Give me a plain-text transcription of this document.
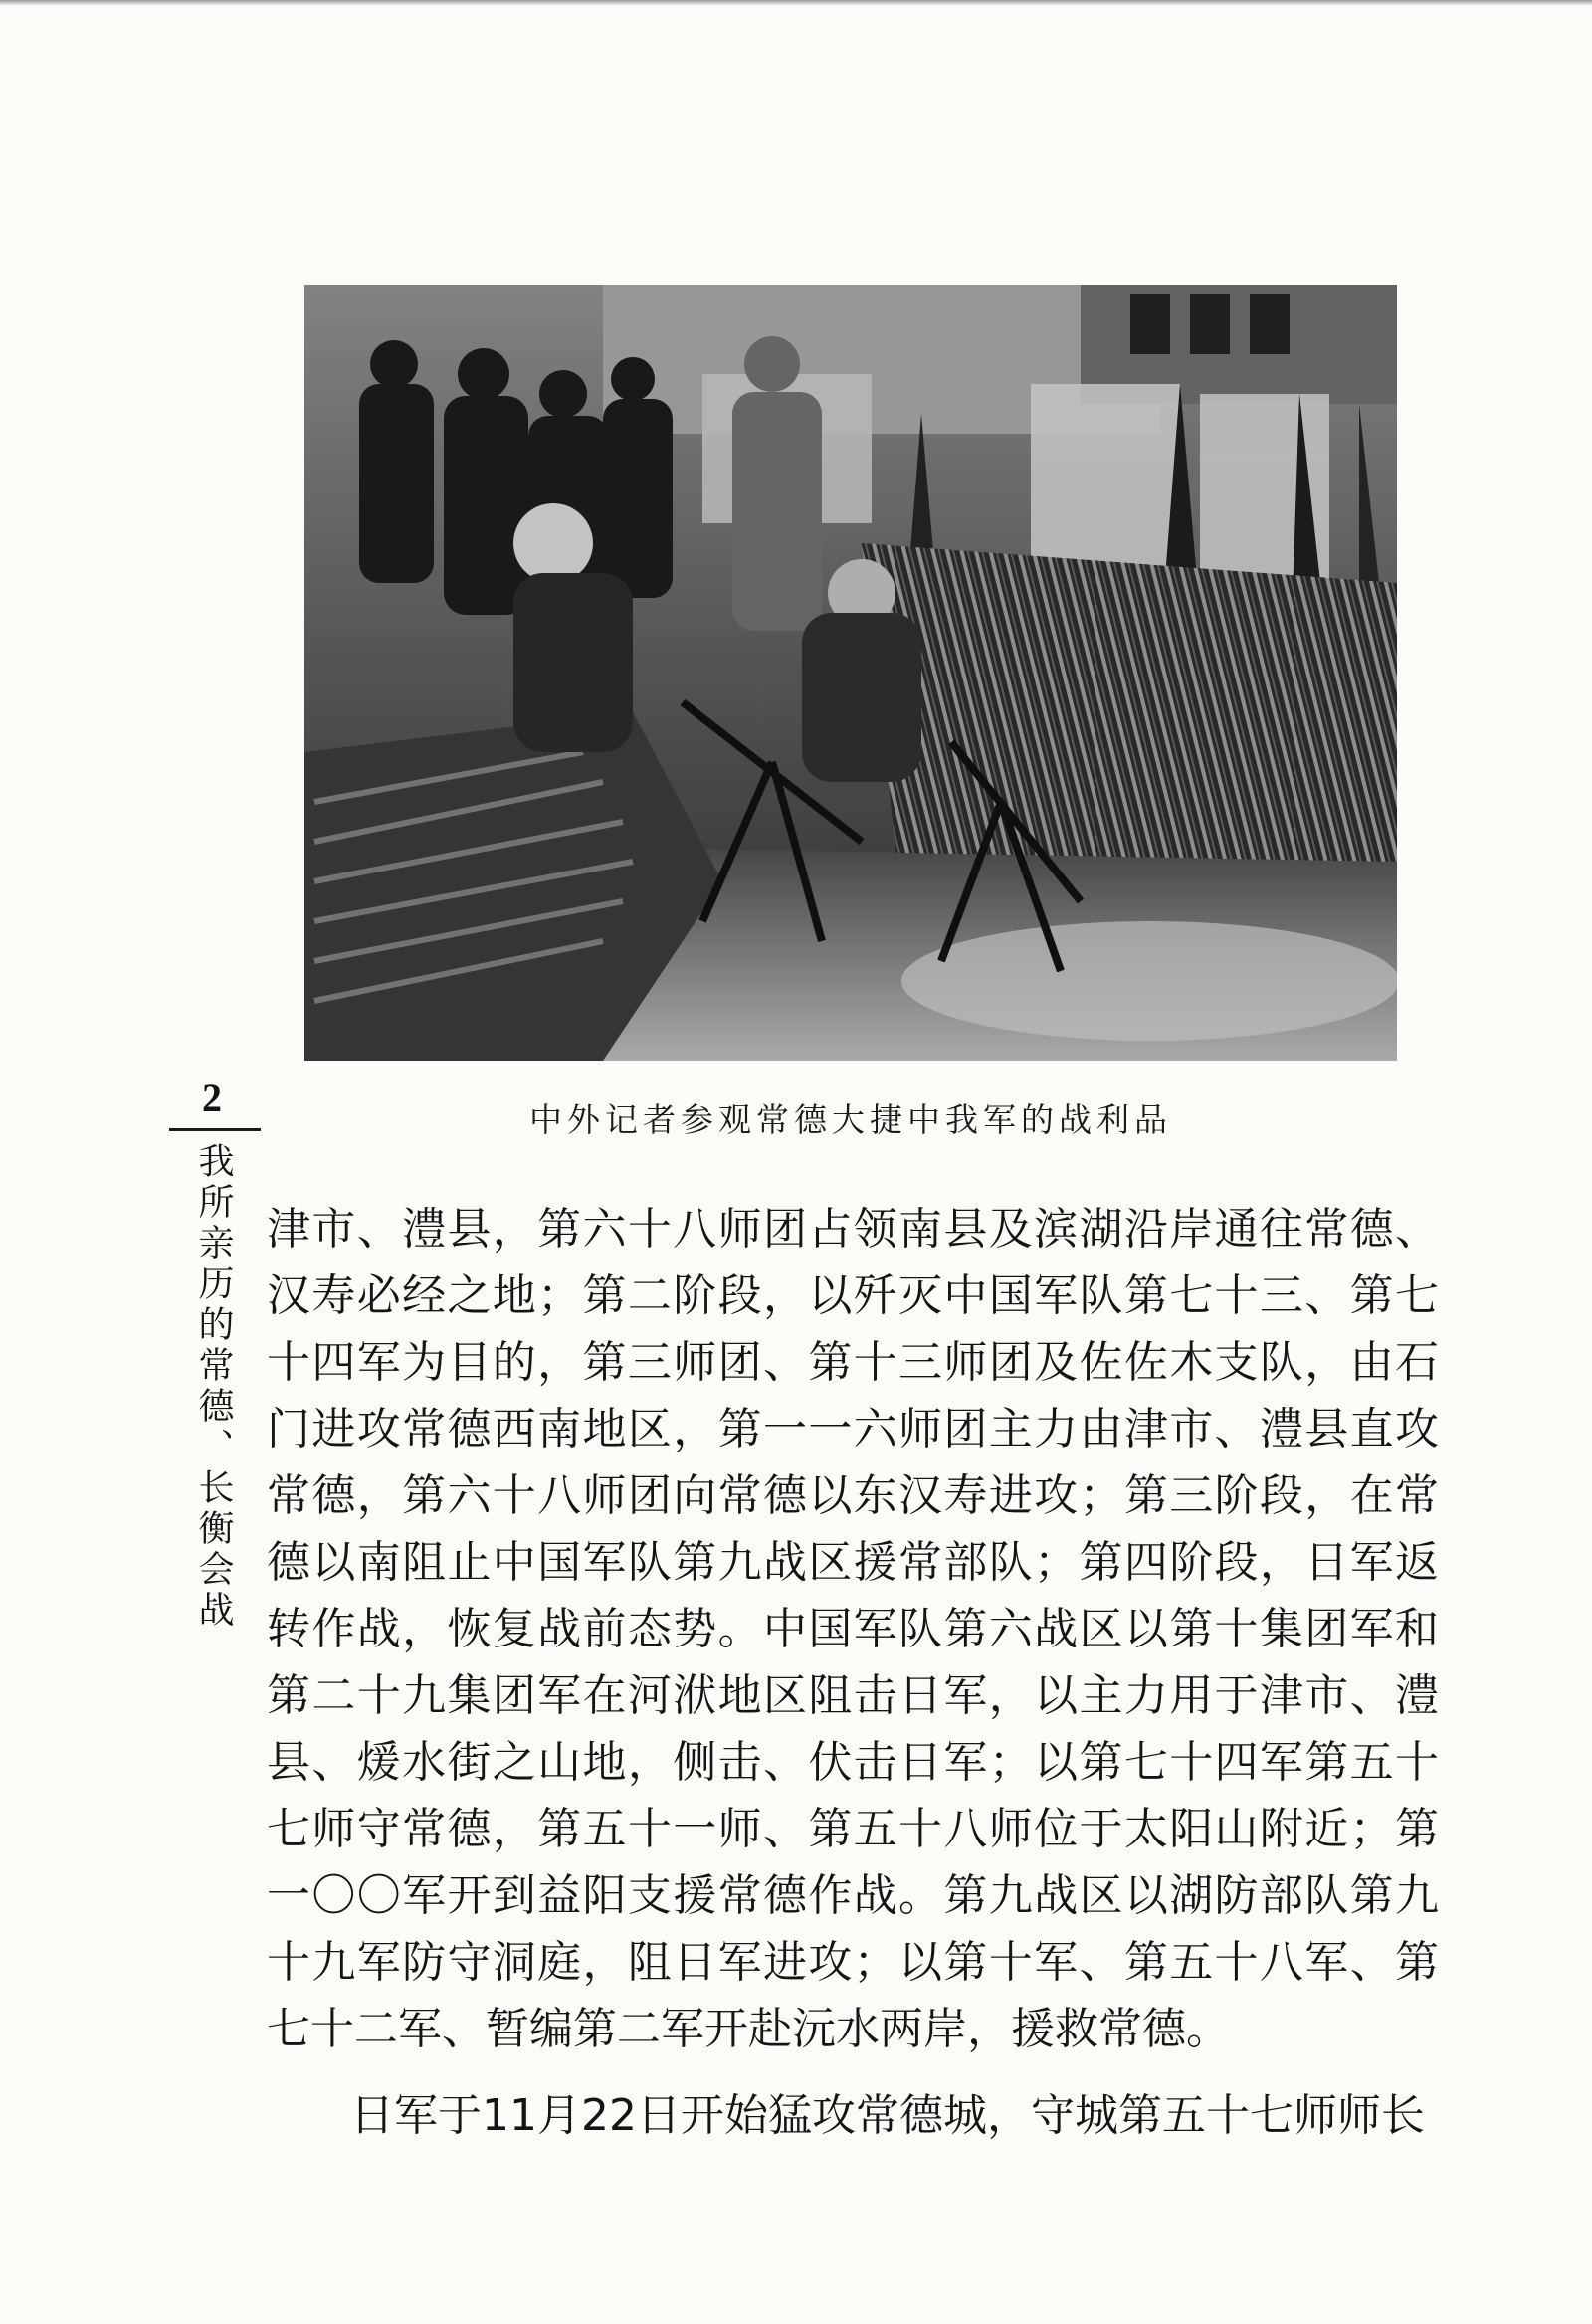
中外记者参观常德大捷中我军的战利品
2
我所亲历的常德、长衡会战 津市、澧县，第六十八师团占领南县及滨湖沿岸通往常德、汉寿必经之地；第二阶段，以歼灭中国军队第七十三、第七十四军为目的，第三师团、第十三师团及佐佐木支队，由石门进攻常德西南地区，第一一六师团主力由津市、澧县直攻常德，第六十八师团向常德以东汉寿进攻；第三阶段，在常德以南阻止中国军队第九战区援常部队；第四阶段，日军返转作战，恢复战前态势。中国军队第六战区以第十集团军和第二十九集团军在河洑地区阻击日军，以主力用于津市、澧县、煖水街之山地，侧击、伏击日军；以第七十四军第五十七师守常德，第五十一师、第五十八师位于太阳山附近；第一〇〇军开到益阳支援常德作战。第九战区以湖防部队第九十九军防守洞庭，阻日军进攻；以第十军、第五十八军、第七十二军、暂编第二军开赴沅水两岸，援救常德。

日军于11月22日开始猛攻常德城，守城第五十七师师长
